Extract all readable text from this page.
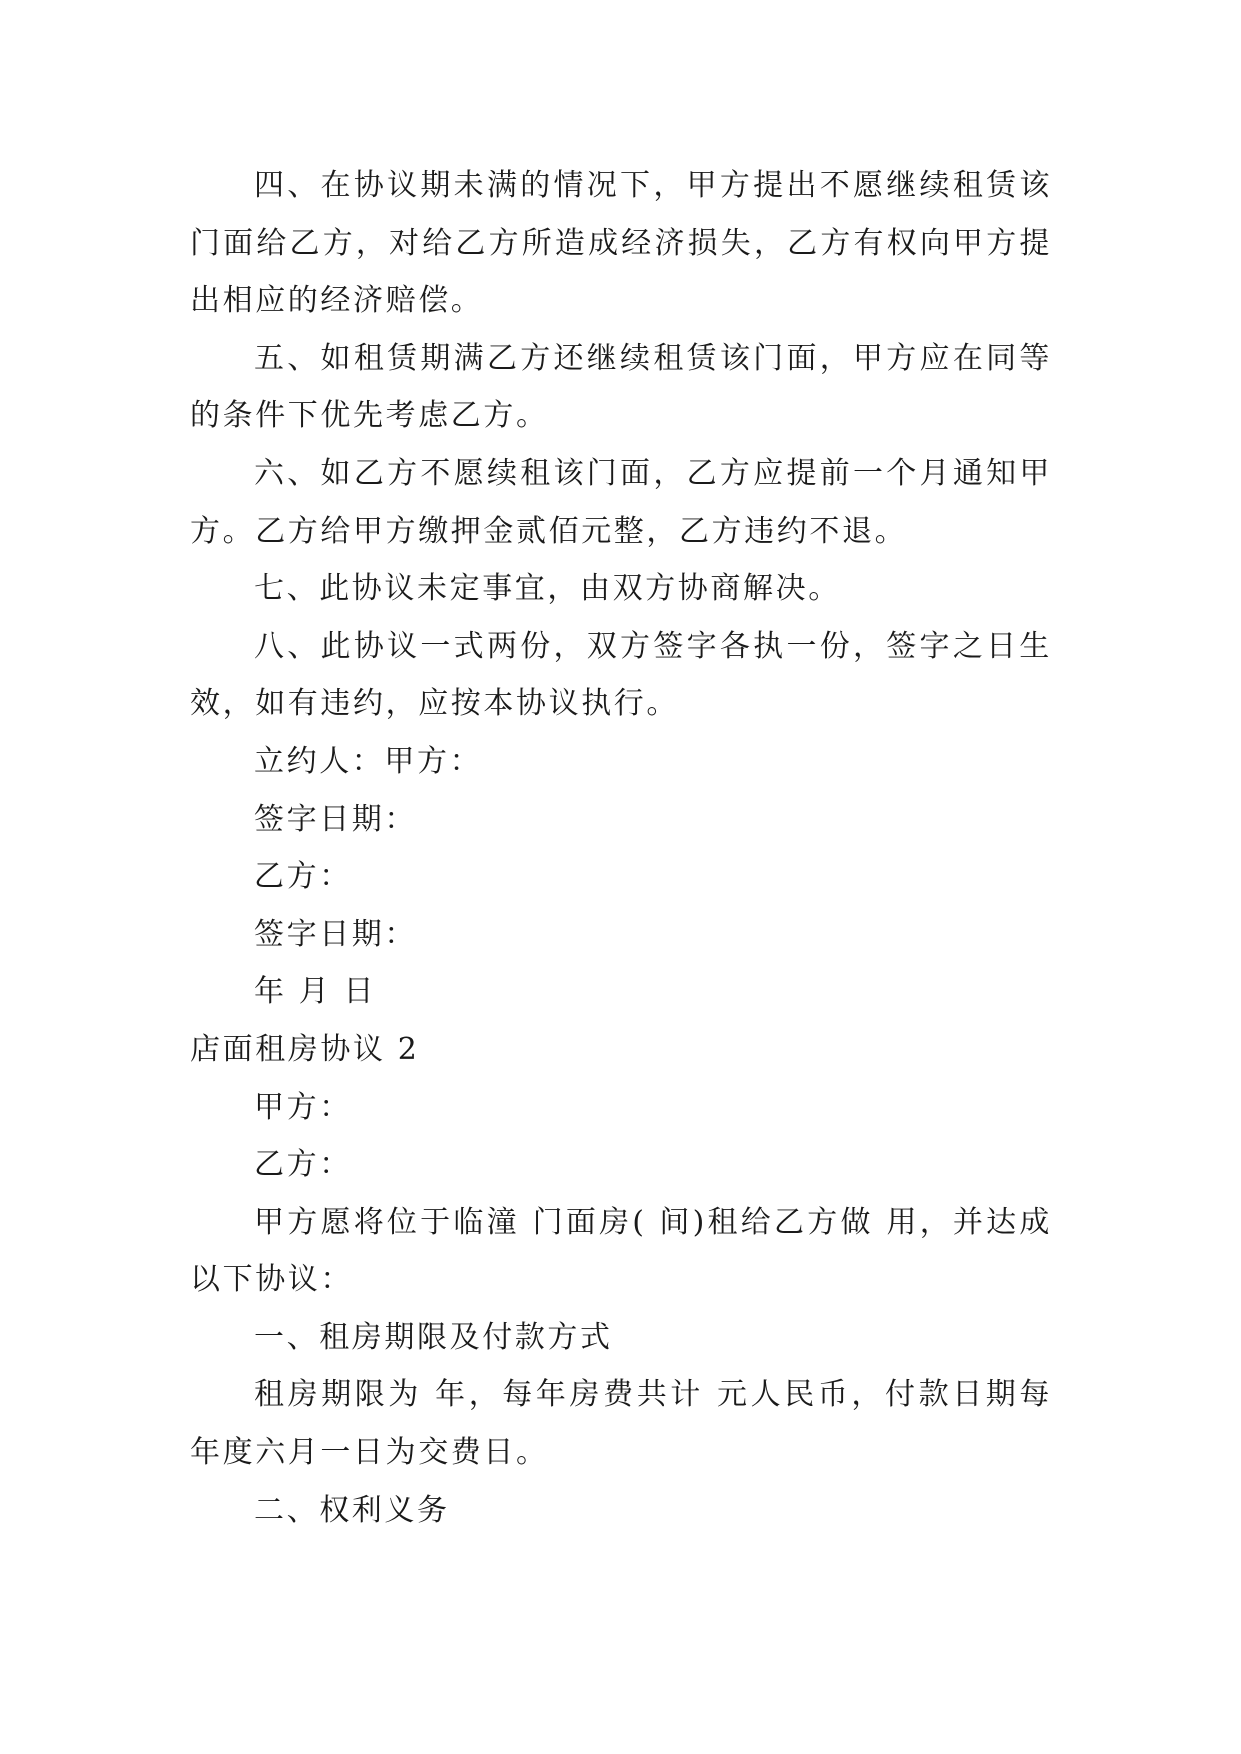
四、在协议期未满的情况下，甲方提出不愿继续租赁该门面给乙方，对给乙方所造成经济损失，乙方有权向甲方提出相应的经济赔偿。

五、如租赁期满乙方还继续租赁该门面，甲方应在同等的条件下优先考虑乙方。

六、如乙方不愿续租该门面，乙方应提前一个月通知甲方。乙方给甲方缴押金贰佰元整，乙方违约不退。

七、此协议未定事宜，由双方协商解决。

八、此协议一式两份，双方签字各执一份，签字之日生效，如有违约，应按本协议执行。

立约人：甲方：

签字日期：

乙方：

签字日期：

年 月 日

店面租房协议 2

甲方：

乙方：

甲方愿将位于临潼 门面房( 间)租给乙方做 用，并达成以下协议：

一、租房期限及付款方式

租房期限为 年，每年房费共计 元人民币，付款日期每年度六月一日为交费日。

二、权利义务
